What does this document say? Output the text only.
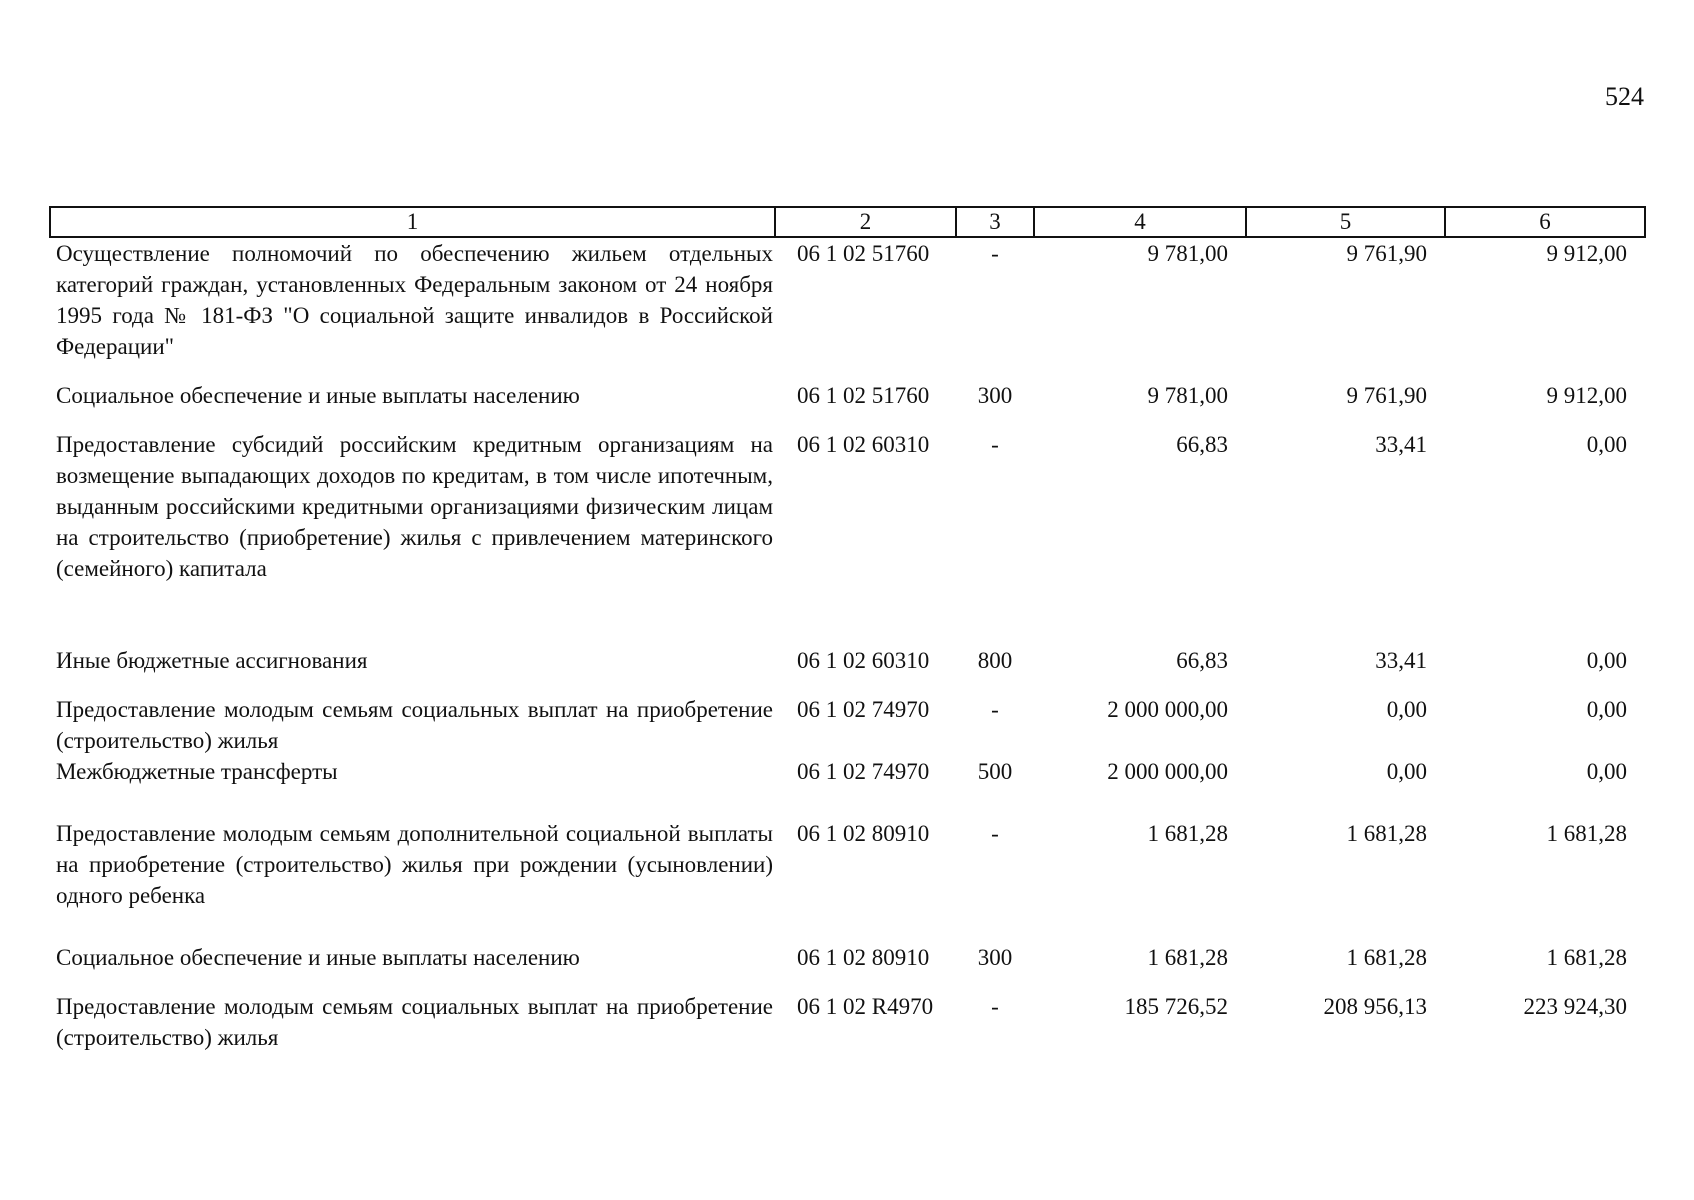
524
1	2	3	4	5	6
Осуществление полномочий по обеспечению жильем отдельных категорий граждан, установленных Федеральным законом от 24 ноября 1995 года № 181-ФЗ "О социальной защите инвалидов в Российской Федерации"	06 1 02 51760	-	9 781,00	9 761,90	9 912,00
Социальное обеспечение и иные выплаты населению	06 1 02 51760	300	9 781,00	9 761,90	9 912,00
Предоставление субсидий российским кредитным организациям на возмещение выпадающих доходов по кредитам, в том числе ипотечным, выданным российскими кредитными организациями физическим лицам на строительство (приобретение) жилья с привлечением материнского (семейного) капитала	06 1 02 60310	-	66,83	33,41	0,00
Иные бюджетные ассигнования	06 1 02 60310	800	66,83	33,41	0,00
Предоставление молодым семьям социальных выплат на приобретение (строительство) жилья	06 1 02 74970	-	2 000 000,00	0,00	0,00
Межбюджетные трансферты	06 1 02 74970	500	2 000 000,00	0,00	0,00
Предоставление молодым семьям дополнительной социальной выплаты на приобретение (строительство) жилья при рождении (усыновлении) одного ребенка	06 1 02 80910	-	1 681,28	1 681,28	1 681,28
Социальное обеспечение и иные выплаты населению	06 1 02 80910	300	1 681,28	1 681,28	1 681,28
Предоставление молодым семьям социальных выплат на приобретение (строительство) жилья	06 1 02 R4970	-	185 726,52	208 956,13	223 924,30
